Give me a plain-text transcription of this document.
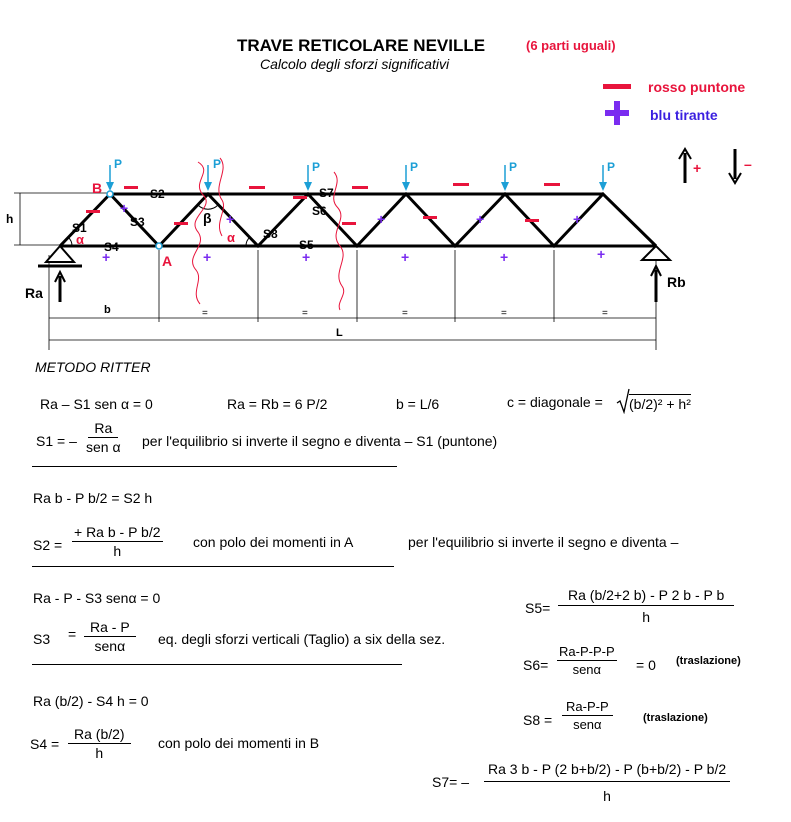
TRAVE RETICOLARE NEVILLE	(6 parti uguali)
Calcolo degli sforzi significativi
rosso puntone
blu tirante
+	–
h
b	=	=	=	=	=
L
Ra
Rb
P	P	P	P	P	P
B
A
S1
S2
S3
S4	S5
S6
S7
S8
α	α
β
+
+	+	+	+
+	+	+	+	+	+
METODO RITTER
Ra – S1 sen α = 0	Ra = Rb = 6 P/2	b = L/6	c = diagonale = (b/2)² + h²
S1 = –
Ra
sen α per l'equilibrio si inverte il segno e diventa – S1 (puntone)
Ra b - P b/2 = S2 h
$S2 = \frac{\text{+ Ra b - P b/2}}{h}$ con polo dei momenti in A	per l'equilibrio si inverte il segno e diventa –
Ra - P - S3 senα = 0
S3 = Ra - P
senα eq. degli sforzi verticali (Taglio) a six della sez.
Ra (b/2) - S4 h = 0
$S4 = \frac{Ra (b/2)}{h}$ con polo dei momenti in B
$S5= \frac{\text{Ra (b/2+2 b) - P 2 b - P b}}{h}$
S6=
Ra-P-P-P
senα = 0 (traslazione)
S8 =
Ra-P-P
senα	(traslazione)
$S7= - \frac{\text{Ra 3 b - P (2 b+b/2) - P (b+b/2) - P b/2}}{h}$
